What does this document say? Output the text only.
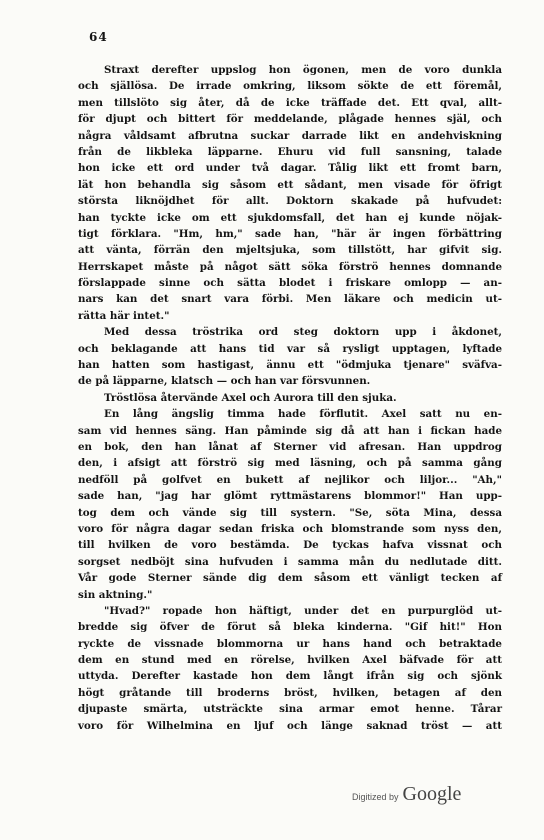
64
Straxt derefter uppslog hon ögonen, men de voro dunkla
och själlösa. De irrade omkring, liksom sökte de ett föremål,
men tillslöto sig åter, då de icke träffade det. Ett qval, allt-
för djupt och bittert för meddelande, plågade hennes själ, och
några våldsamt afbrutna suckar darrade likt en andehviskning
från de likbleka läpparne. Ehuru vid full sansning, talade
hon icke ett ord under två dagar. Tålig likt ett fromt barn,
lät hon behandla sig såsom ett sådant, men visade för öfrigt
största liknöjdhet för allt. Doktorn skakade på hufvudet:
han tyckte icke om ett sjukdomsfall, det han ej kunde nöjak-
tigt förklara. "Hm, hm," sade han, "här är ingen förbättring
att vänta, förrän den mjeltsjuka, som tillstött, har gifvit sig.
Herrskapet måste på något sätt söka förströ hennes domnande
förslappade sinne och sätta blodet i friskare omlopp — an-
nars kan det snart vara förbi. Men läkare och medicin ut-
rätta här intet."
Med dessa tröstrika ord steg doktorn upp i åkdonet,
och beklagande att hans tid var så rysligt upptagen, lyftade
han hatten som hastigast, ännu ett "ödmjuka tjenare" sväfva-
de på läpparne, klatsch — och han var försvunnen.
Tröstlösa återvände Axel och Aurora till den sjuka.
En lång ängslig timma hade förflutit. Axel satt nu en-
sam vid hennes säng. Han påminde sig då att han i fickan hade
en bok, den han lånat af Sterner vid afresan. Han uppdrog
den, i afsigt att förströ sig med läsning, och på samma gång
nedföll på golfvet en bukett af nejlikor och liljor... "Ah,"
sade han, "jag har glömt ryttmästarens blommor!" Han upp-
tog dem och vände sig till systern. "Se, söta Mina, dessa
voro för några dagar sedan friska och blomstrande som nyss den,
till hvilken de voro bestämda. De tyckas hafva vissnat och
sorgset nedböjt sina hufvuden i samma mån du nedlutade ditt.
Vår gode Sterner sände dig dem såsom ett vänligt tecken af
sin aktning."
"Hvad?" ropade hon häftigt, under det en purpurglöd ut-
bredde sig öfver de förut så bleka kinderna. "Gif hit!" Hon
ryckte de vissnade blommorna ur hans hand och betraktade
dem en stund med en rörelse, hvilken Axel bäfvade för att
uttyda. Derefter kastade hon dem långt ifrån sig och sjönk
högt gråtande till broderns bröst, hvilken, betagen af den
djupaste smärta, utsträckte sina armar emot henne. Tårar
voro för Wilhelmina en ljuf och länge saknad tröst — att
Digitized by Google
